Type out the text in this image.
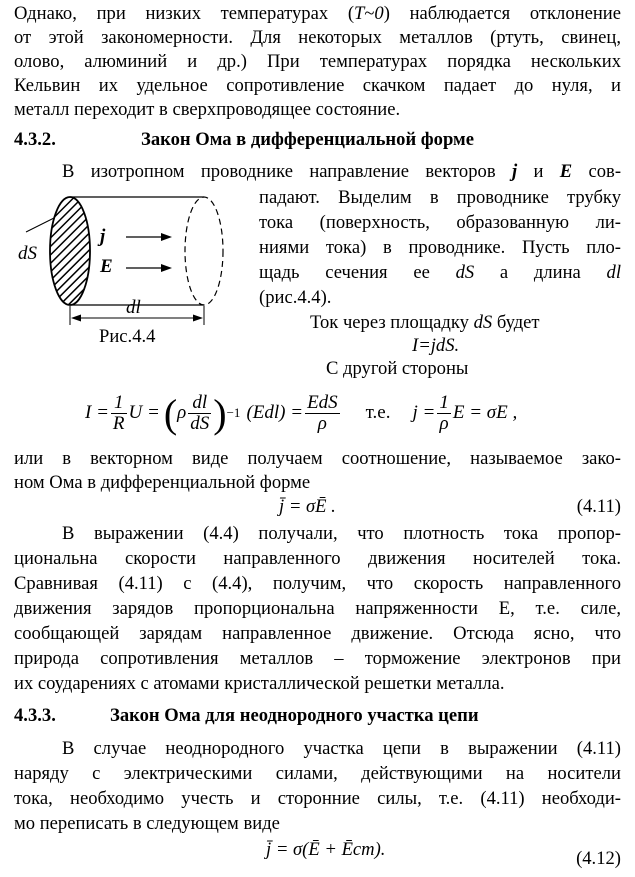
Однако, при низких температурах (T~0) наблюдается отклонение
от этой закономерности. Для некоторых металлов (ртуть, свинец,
олово, алюминий и др.) При температурах порядка нескольких
Кельвин их удельное сопротивление скачком падает до нуля, и
металл переходит в сверхпроводящее состояние.
4.3.2.	Закон Ома в дифференциальной форме
В изотропном проводнике направление векторов j и E сов-
падают. Выделим в проводнике трубку
тока (поверхность, образованную ли-
ниями тока) в проводнике. Пусть пло-
щадь сечения ее dS а длина dl
(рис.4.4).
Ток через площадку dS будет
I=jdS.
С другой стороны
dS
j
E
dl
Рис.4.4
$I = \frac{1}{R}$ U = ( ρ $\frac{dl}{dS}$ ) −1 $(Edl) = \frac{\text{EdS}}{\rho} т.е$. $j = \frac{1}{\rho}$ E = σE ,
или в векторном виде получаем соотношение, называемое зако-
ном Ома в дифференциальной форме
j̄ = σĒ .	(4.11)
В выражении (4.4) получали, что плотность тока пропор-
циональна скорости направленного движения носителей тока.
Сравнивая (4.11) с (4.4), получим, что скорость направленного
движения зарядов пропорциональна напряженности E, т.е. силе,
сообщающей зарядам направленное движение. Отсюда ясно, что
природа сопротивления металлов – торможение электронов при
их соударениях с атомами кристаллической решетки металла.
4.3.3.	Закон Ома для неоднородного участка цепи
В случае неоднородного участка цепи в выражении (4.11)
наряду с электрическими силами, действующими на носители
тока, необходимо учесть и сторонние силы, т.е. (4.11) необходи-
мо переписать в следующем виде
j̄ = σ(Ē + Ēст).	(4.12)
